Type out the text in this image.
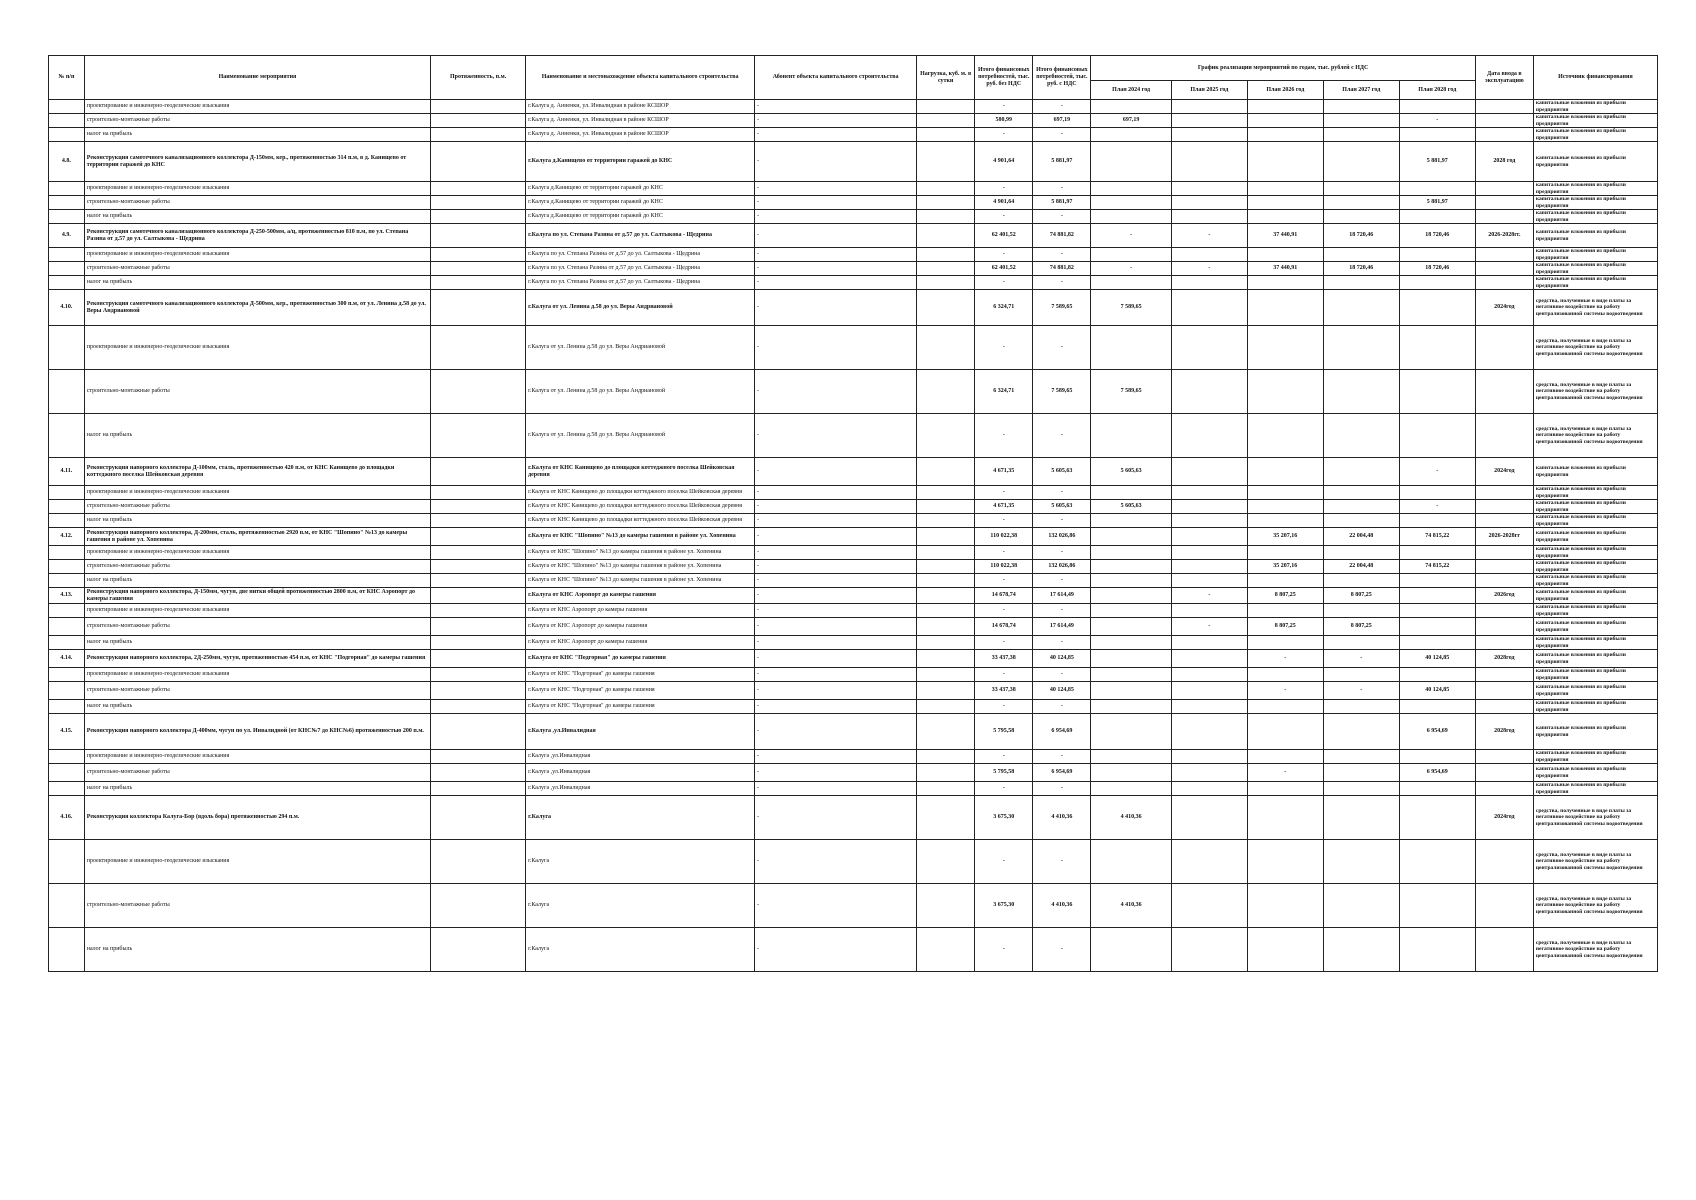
№ п/п	Наименование мероприятия	Протяженность, п.м.	Наименование и местонахождение объекта капитального строительства	Абонент объекта капитального строительства	Нагрузка, куб. м. в сутки	Итого финансовых потребностей, тыс. руб. без НДС	Итого финансовых потребностей, тыс. руб. с НДС	График реализации мероприятий по годам, тыс. рублей с НДС					Дата ввода в эксплуатацию	Источник финансирования
								План 2024 год	План 2025 год	План 2026 год	План 2027 год	План 2028 год		
	проектирование и инженерно-геодезические изыскания		г.Калуга д. Анненки, ул. Инвалидная в районе КСШОР	-		-	-							капитальные вложения из прибыли предприятия
	строительно-монтажные работы		г.Калуга д. Анненки, ул. Инвалидная в районе КСШОР	-		580,99	697,19	697,19				-		капитальные вложения из прибыли предприятия
	налог на прибыль		г.Калуга д. Анненки, ул. Инвалидная в районе КСШОР	-		-	-							капитальные вложения из прибыли предприятия
4.8.	Реконструкция самотечного канализационного коллектора Д-150мм, кер., протяженностью 314 п.м, в д. Канищево от территории гаражей до КНС		г.Калуга д.Канищево от территории гаражей до КНС	-		4 901,64	5 881,97					5 881,97	2028 год	капитальные вложения из прибыли предприятия
	проектирование и инженерно-геодезические изыскания		г.Калуга д.Канищево от территории гаражей до КНС	-		-	-							капитальные вложения из прибыли предприятия
	строительно-монтажные работы		г.Калуга д.Канищево от территории гаражей до КНС	-		4 901,64	5 881,97					5 881,97		капитальные вложения из прибыли предприятия
	налог на прибыль		г.Калуга д.Канищево от территории гаражей до КНС	-		-	-							капитальные вложения из прибыли предприятия
4.9.	Реконструкция самотечного канализационного коллектора Д-250-500мм, а/ц, протяженностью 810 п.м, по ул. Степана Разина от д.57 до ул. Салтыкова - Щедрина		г.Калуга по ул. Степана Разина от д.57 до ул. Салтыкова - Щедрина	-		62 401,52	74 881,82	-	-	37 440,91	18 720,46	18 720,46	2026-2028гг.	капитальные вложения из прибыли предприятия
	проектирование и инженерно-геодезические изыскания		г.Калуга по ул. Степана Разина от д.57 до ул. Салтыкова - Щедрина	-		-	-							капитальные вложения из прибыли предприятия
	строительно-монтажные работы		г.Калуга по ул. Степана Разина от д.57 до ул. Салтыкова - Щедрина	-		62 401,52	74 881,82	-	-	37 440,91	18 720,46	18 720,46		капитальные вложения из прибыли предприятия
	налог на прибыль		г.Калуга по ул. Степана Разина от д.57 до ул. Салтыкова - Щедрина	-		-	-							капитальные вложения из прибыли предприятия
4.10.	Реконструкция самотечного канализационного коллектора Д-500мм, кер., протяженностью 300 п.м, от ул. Ленина д.58 до ул. Веры Андриановой		г.Калуга от ул. Ленина д.58 до ул. Веры Андриановой	-		6 324,71	7 589,65	7 589,65					2024год	средства, полученные в виде платы за негативное воздействие на работу централизованной системы водоотведения
	проектирование и инженерно-геодезические изыскания		г.Калуга от ул. Ленина д.58 до ул. Веры Андриановой	-		-	-							средства, полученные в виде платы за негативное воздействие на работу централизованной системы водоотведения
	строительно-монтажные работы		г.Калуга от ул. Ленина д.58 до ул. Веры Андриановой	-		6 324,71	7 589,65	7 589,65						средства, полученные в виде платы за негативное воздействие на работу централизованной системы водоотведения
	налог на прибыль		г.Калуга от ул. Ленина д.58 до ул. Веры Андриановой	-		-	-							средства, полученные в виде платы за негативное воздействие на работу централизованной системы водоотведения
4.11.	Реконструкция напорного коллектора Д-100мм, сталь, протяженностью 420 п.м, от КНС Канищево до площадки коттеджного поселка Шейковская деревня		г.Калуга от КНС Канищево до площадки коттеджного поселка Шейковская деревня	-		4 671,35	5 605,63	5 605,63				-	2024год	капитальные вложения из прибыли предприятия
	проектирование и инженерно-геодезические изыскания		г.Калуга от КНС Канищево до площадки коттеджного поселка Шейковская деревня	-		-	-							капитальные вложения из прибыли предприятия
	строительно-монтажные работы		г.Калуга от КНС Канищево до площадки коттеджного поселка Шейковская деревня	-		4 671,35	5 605,63	5 605,63				-		капитальные вложения из прибыли предприятия
	налог на прибыль		г.Калуга от КНС Канищево до площадки коттеджного поселка Шейковская деревня	-		-	-							капитальные вложения из прибыли предприятия
4.12.	Реконструкция напорного коллектора, Д-200мм, сталь, протяженностью 2920 п.м, от КНС "Шопино" №13 до камеры гашения в районе ул. Хопенина		г.Калуга от КНС "Шопино" №13 до камеры гашения в районе ул. Хопенина	-		110 022,38	132 026,86			35 207,16	22 004,48	74 815,22	2026-2028гг	капитальные вложения из прибыли предприятия
	проектирование и инженерно-геодезические изыскания		г.Калуга от КНС "Шопино" №13 до камеры гашения в районе ул. Хопенина	-		-	-							капитальные вложения из прибыли предприятия
	строительно-монтажные работы		г.Калуга от КНС "Шопино" №13 до камеры гашения в районе ул. Хопенина	-		110 022,38	132 026,86			35 207,16	22 004,48	74 815,22		капитальные вложения из прибыли предприятия
	налог на прибыль		г.Калуга от КНС "Шопино" №13 до камеры гашения в районе ул. Хопенина	-		-	-							капитальные вложения из прибыли предприятия
4.13.	Реконструкция напорного коллектора, Д-150мм, чугун, две нитки общей протяженностью 2800 п.м, от КНС Аэропорт до камеры гашения		г.Калуга от КНС Аэропорт до камеры гашения	-		14 678,74	17 614,49		-	8 807,25	8 807,25		2026год	капитальные вложения из прибыли предприятия
	проектирование и инженерно-геодезические изыскания		г.Калуга от КНС Аэропорт до камеры гашения	-		-	-							капитальные вложения из прибыли предприятия
	строительно-монтажные работы		г.Калуга от КНС Аэропорт до камеры гашения	-		14 678,74	17 614,49		-	8 807,25	8 807,25			капитальные вложения из прибыли предприятия
	налог на прибыль		г.Калуга от КНС Аэропорт до камеры гашения	-		-	-							капитальные вложения из прибыли предприятия
4.14.	Реконструкция напорного коллектора, 2Д-250мм, чугун, протяженностью 454 п.м, от КНС "Подгорная" до камеры гашения		г.Калуга от КНС "Подгорная" до камеры гашения	-		33 437,38	40 124,85			-	-	40 124,85	2028год	капитальные вложения из прибыли предприятия
	проектирование и инженерно-геодезические изыскания		г.Калуга от КНС "Подгорная" до камеры гашения	-		-	-							капитальные вложения из прибыли предприятия
	строительно-монтажные работы		г.Калуга от КНС "Подгорная" до камеры гашения	-		33 437,38	40 124,85			-	-	40 124,85		капитальные вложения из прибыли предприятия
	налог на прибыль		г.Калуга от КНС "Подгорная" до камеры гашения	-		-	-							капитальные вложения из прибыли предприятия
4.15.	Реконструкция напорного коллектора Д-400мм, чугун по ул. Инвалидной (от КНС№7 до КНС№6) протяженностью 200 п.м.		г.Калуга ,ул.Инвалидная	-		5 795,58	6 954,69					6 954,69	2028год	капитальные вложения из прибыли предприятия
	проектирование и инженерно-геодезические изыскания		г.Калуга ,ул.Инвалидная	-		-	-							капитальные вложения из прибыли предприятия
	строительно-монтажные работы		г.Калуга ,ул.Инвалидная	-		5 795,58	6 954,69			-		6 954,69		капитальные вложения из прибыли предприятия
	налог на прибыль		г.Калуга ,ул.Инвалидная	-		-	-							капитальные вложения из прибыли предприятия
4.16.	Реконструкция коллектора Калуга-Бор (вдоль бора) протяженностью 294 п.м.		г.Калуга	-		3 675,30	4 410,36	4 410,36					2024год	средства, полученные в виде платы за негативное воздействие на работу централизованной системы водоотведения
	проектирование и инженерно-геодезические изыскания		г.Калуга	-		-	-							средства, полученные в виде платы за негативное воздействие на работу централизованной системы водоотведения
	строительно-монтажные работы		г.Калуга	-		3 675,30	4 410,36	4 410,36						средства, полученные в виде платы за негативное воздействие на работу централизованной системы водоотведения
	налог на прибыль		г.Калуга	-		-	-							средства, полученные в виде платы за негативное воздействие на работу централизованной системы водоотведения
